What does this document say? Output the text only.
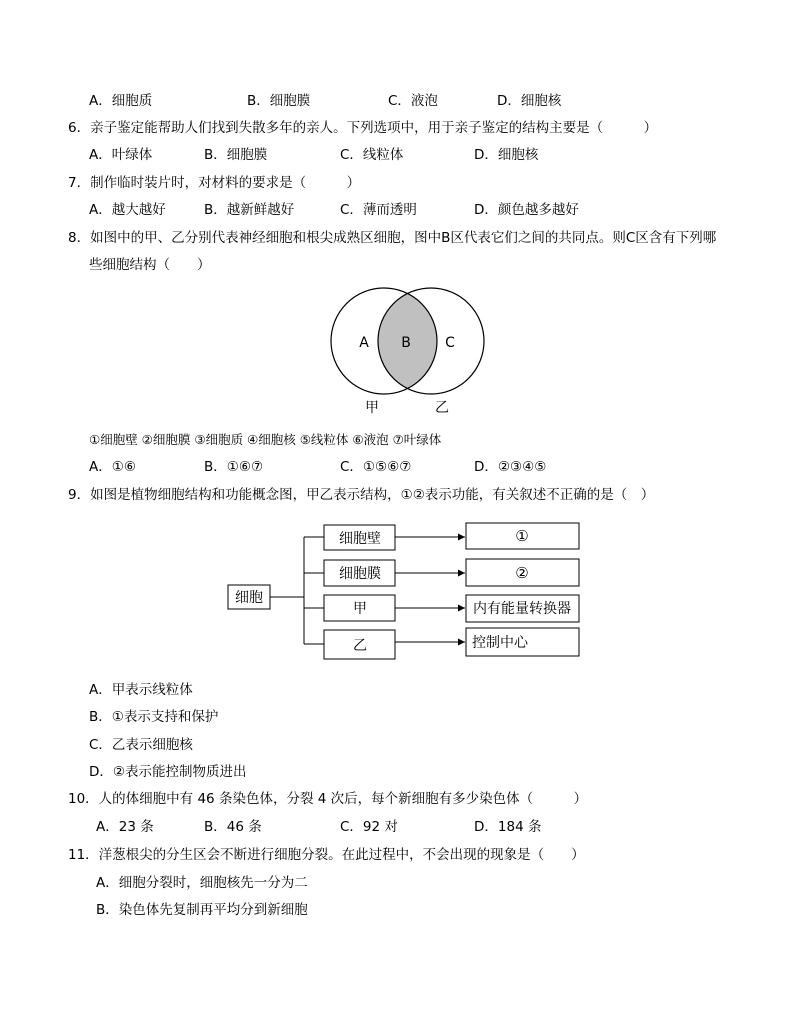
A．细胞质	B．细胞膜	C．液泡	D．细胞核
6．亲子鉴定能帮助人们找到失散多年的亲人。下列选项中，用于亲子鉴定的结构主要是（　　　）
A．叶绿体	B．细胞膜	C．线粒体	D．细胞核
7．制作临时装片时，对材料的要求是（　　　）
A．越大越好	B．越新鲜越好	C．薄而透明	D．颜色越多越好
8．如图中的甲、乙分别代表神经细胞和根尖成熟区细胞，图中B区代表它们之间的共同点。则C区含有下列哪
些细胞结构（　　）
A B C
甲	乙
①细胞壁 ②细胞膜 ③细胞质 ④细胞核 ⑤线粒体 ⑥液泡 ⑦叶绿体
A．①⑥	B．①⑥⑦	C．①⑤⑥⑦	D．②③④⑤
9．如图是植物细胞结构和功能概念图，甲乙表示结构，①②表示功能，有关叙述不正确的是（　）
细胞
细胞壁
细胞膜
甲
乙
①
②
内有能量转换器
控制中心
A．甲表示线粒体
B．①表示支持和保护
C．乙表示细胞核
D．②表示能控制物质进出
10．人的体细胞中有 46 条染色体，分裂 4 次后，每个新细胞有多少染色体（　　　）
A．23 条	B．46 条	C．92 对	D．184 条
11．洋葱根尖的分生区会不断进行细胞分裂。在此过程中，不会出现的现象是（　　）
A．细胞分裂时，细胞核先一分为二
B．染色体先复制再平均分到新细胞
